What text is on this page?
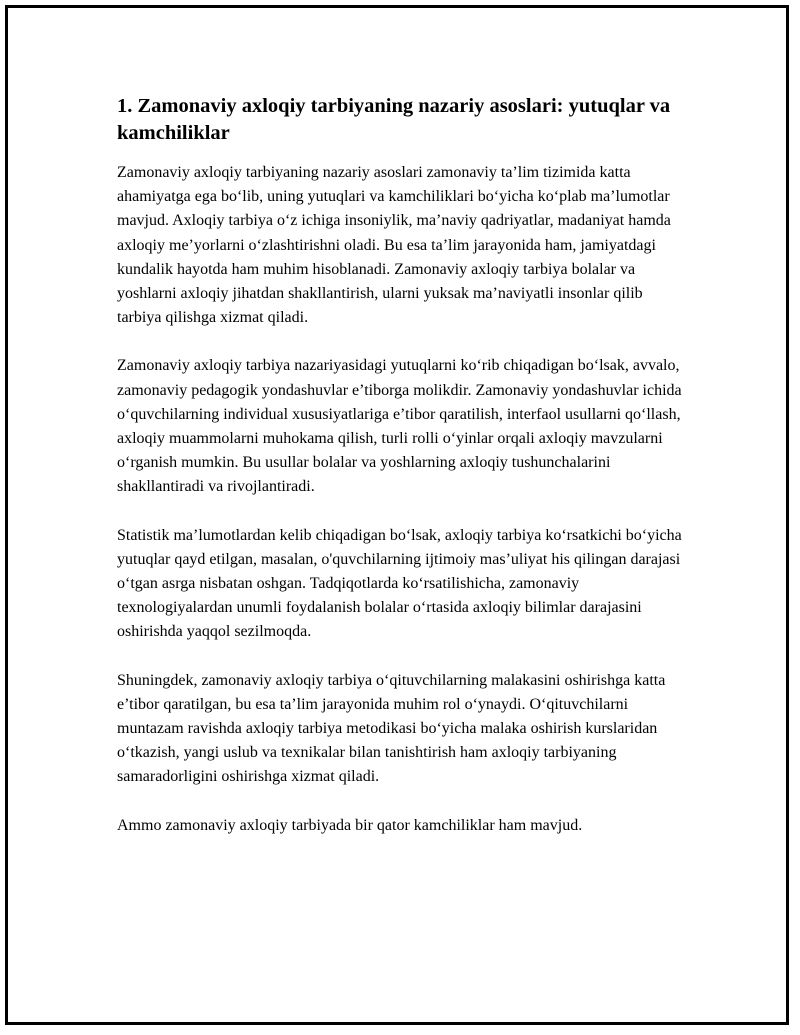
1. Zamonaviy axloqiy tarbiyaning nazariy asoslari: yutuqlar va kamchiliklar

Zamonaviy axloqiy tarbiyaning nazariy asoslari zamonaviy ta’lim tizimida katta ahamiyatga ega bo‘lib, uning yutuqlari va kamchiliklari bo‘yicha ko‘plab ma’lumotlar mavjud. Axloqiy tarbiya o‘z ichiga insoniylik, ma’naviy qadriyatlar, madaniyat hamda axloqiy me’yorlarni o‘zlashtirishni oladi. Bu esa ta’lim jarayonida ham, jamiyatdagi kundalik hayotda ham muhim hisoblanadi. Zamonaviy axloqiy tarbiya bolalar va yoshlarni axloqiy jihatdan shakllantirish, ularni yuksak ma’naviyatli insonlar qilib tarbiya qilishga xizmat qiladi.

Zamonaviy axloqiy tarbiya nazariyasidagi yutuqlarni ko‘rib chiqadigan bo‘lsak, avvalo, zamonaviy pedagogik yondashuvlar e’tiborga molikdir. Zamonaviy yondashuvlar ichida o‘quvchilarning individual xususiyatlariga e’tibor qaratilish, interfaol usullarni qo‘llash, axloqiy muammolarni muhokama qilish, turli rolli o‘yinlar orqali axloqiy mavzularni o‘rganish mumkin. Bu usullar bolalar va yoshlarning axloqiy tushunchalarini shakllantiradi va rivojlantiradi.

Statistik ma’lumotlardan kelib chiqadigan bo‘lsak, axloqiy tarbiya ko‘rsatkichi bo‘yicha yutuqlar qayd etilgan, masalan, o'quvchilarning ijtimoiy mas’uliyat his qilingan darajasi o‘tgan asrga nisbatan oshgan. Tadqiqotlarda ko‘rsatilishicha, zamonaviy texnologiyalardan unumli foydalanish bolalar o‘rtasida axloqiy bilimlar darajasini oshirishda yaqqol sezilmoqda.

Shuningdek, zamonaviy axloqiy tarbiya o‘qituvchilarning malakasini oshirishga katta e’tibor qaratilgan, bu esa ta’lim jarayonida muhim rol o‘ynaydi. O‘qituvchilarni muntazam ravishda axloqiy tarbiya metodikasi bo‘yicha malaka oshirish kurslaridan o‘tkazish, yangi uslub va texnikalar bilan tanishtirish ham axloqiy tarbiyaning samaradorligini oshirishga xizmat qiladi.

Ammo zamonaviy axloqiy tarbiyada bir qator kamchiliklar ham mavjud.
